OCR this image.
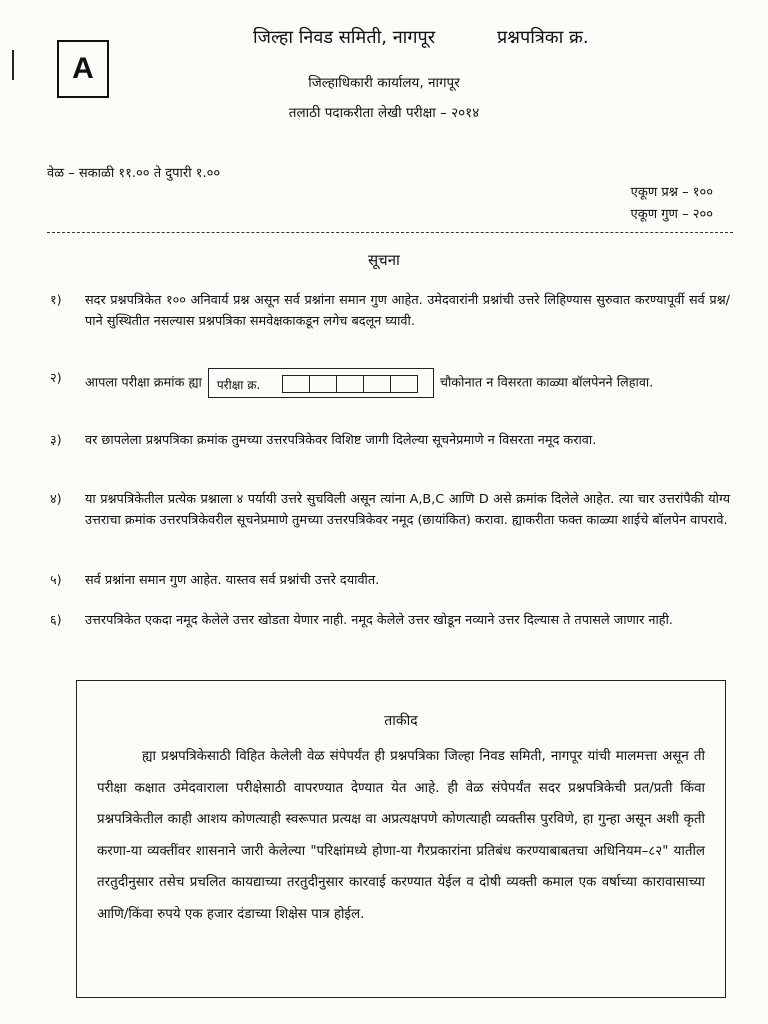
A
जिल्हा निवड समिती, नागपूर	प्रश्नपत्रिका क्र.
जिल्हाधिकारी कार्यालय, नागपूर
तलाठी पदाकरीता लेखी परीक्षा – २०१४
वेळ – सकाळी ११.०० ते दुपारी १.००
एकूण प्रश्न – १००
एकूण गुण – २००
सूचना
१)	सदर प्रश्नपत्रिकेत १०० अनिवार्य प्रश्न असून सर्व प्रश्नांना समान गुण आहेत. उमेदवारांनी प्रश्नांची उत्तरे लिहिण्यास सुरुवात करण्यापूर्वी सर्व प्रश्न/पाने सुस्थितीत नसल्यास प्रश्नपत्रिका समवेक्षकाकडून लगेच बदलून घ्यावी.
२)	आपला परीक्षा क्रमांक ह्या परीक्षा क्र.	चौकोनात न विसरता काळ्या बॉलपेनने लिहावा.
३)	वर छापलेला प्रश्नपत्रिका क्रमांक तुमच्या उत्तरपत्रिकेवर विशिष्ट जागी दिलेल्या सूचनेप्रमाणे न विसरता नमूद करावा.
४)	या प्रश्नपत्रिकेतील प्रत्येक प्रश्नाला ४ पर्यायी उत्तरे सुचविली असून त्यांना A,B,C आणि D असे क्रमांक दिलेले आहेत. त्या चार उत्तरांपैकी योग्य उत्तराचा क्रमांक उत्तरपत्रिकेवरील सूचनेप्रमाणे तुमच्या उत्तरपत्रिकेवर नमूद (छायांकित) करावा. ह्याकरीता फक्त काळ्या शाईचे बॉलपेन वापरावे.
५)	सर्व प्रश्नांना समान गुण आहेत. यास्तव सर्व प्रश्नांची उत्तरे दयावीत.
६)	उत्तरपत्रिकेत एकदा नमूद केलेले उत्तर खोडता येणार नाही. नमूद केलेले उत्तर खोडून नव्याने उत्तर दिल्यास ते तपासले जाणार नाही.
ताकीद
ह्या प्रश्नपत्रिकेसाठी विहित केलेली वेळ संपेपर्यंत ही प्रश्नपत्रिका जिल्हा निवड समिती, नागपूर यांची मालमत्ता असून ती परीक्षा कक्षात उमेदवाराला परीक्षेसाठी वापरण्यात देण्यात येत आहे. ही वेळ संपेपर्यंत सदर प्रश्नपत्रिकेची प्रत/प्रती किंवा प्रश्नपत्रिकेतील काही आशय कोणत्याही स्वरूपात प्रत्यक्ष वा अप्रत्यक्षपणे कोणत्याही व्यक्तीस पुरविणे, हा गुन्हा असून अशी कृती करणा-या व्यक्तींवर शासनाने जारी केलेल्या "परिक्षांमध्ये होणा-या गैरप्रकारांना प्रतिबंध करण्याबाबतचा अधिनियम–८२" यातील तरतुदीनुसार तसेच प्रचलित कायद्याच्या तरतुदीनुसार कारवाई करण्यात येईल व दोषी व्यक्ती कमाल एक वर्षाच्या कारावासाच्या आणि/किंवा रुपये एक हजार दंडाच्या शिक्षेस पात्र होईल.
